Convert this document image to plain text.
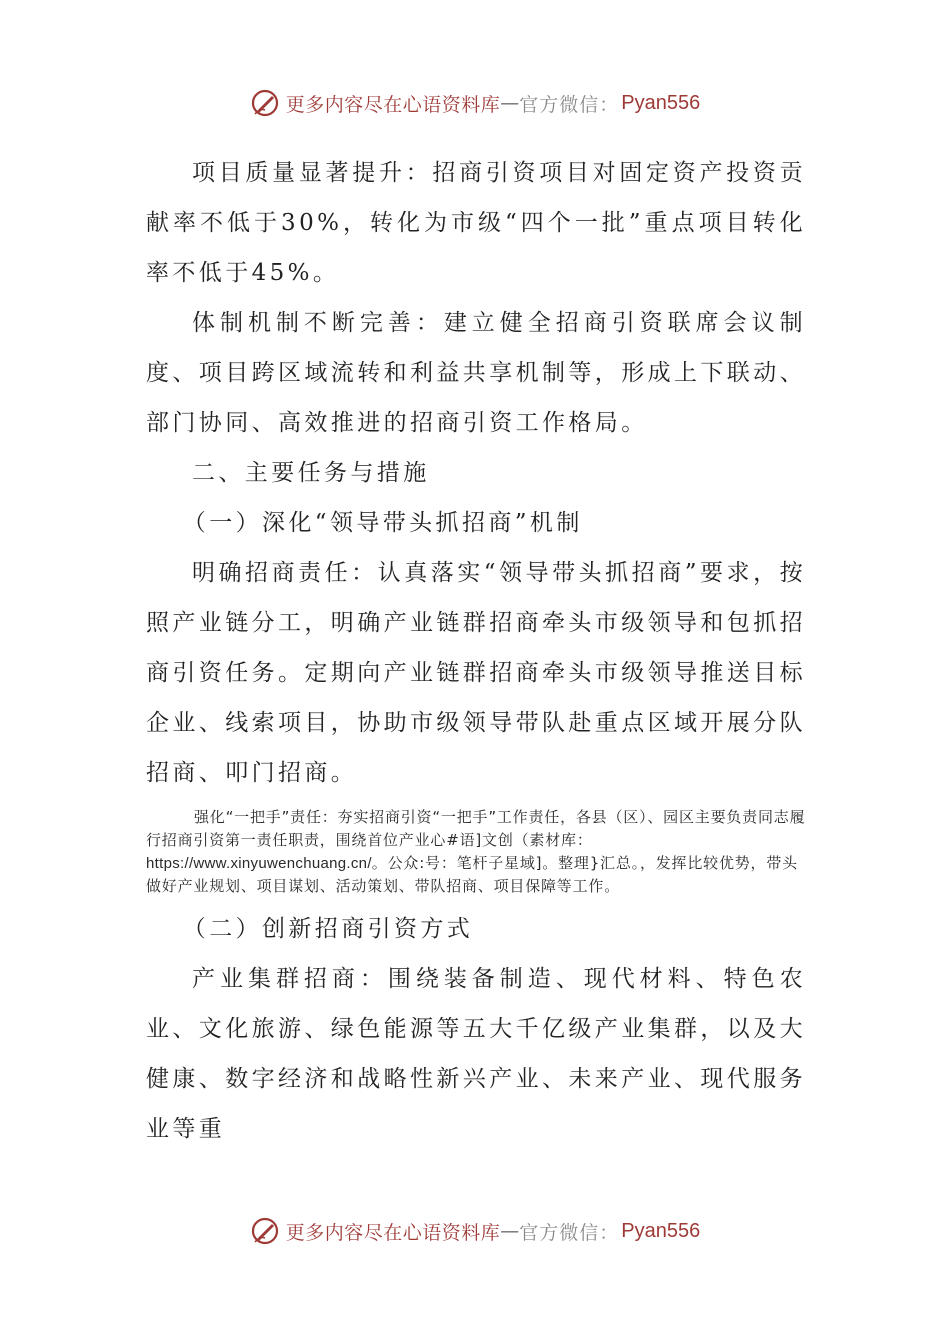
更多内容尽在心语资料库 — 官方微信： Pyan556

项目质量显著提升：招商引资项目对固定资产投资贡献率不低于30%，转化为市级“四个一批”重点项目转化率不低于45%。

体制机制不断完善：建立健全招商引资联席会议制度、项目跨区域流转和利益共享机制等，形成上下联动、部门协同、高效推进的招商引资工作格局。

二、主要任务与措施

（一）深化“领导带头抓招商”机制

明确招商责任：认真落实“领导带头抓招商”要求，按照产业链分工，明确产业链群招商牵头市级领导和包抓招商引资任务。定期向产业链群招商牵头市级领导推送目标企业、线索项目，协助市级领导带队赴重点区域开展分队招商、叩门招商。

强化“一把手”责任：夯实招商引资“一把手”工作责任，各县（区）、园区主要负责同志履行招商引资第一责任职责，围绕首位产业心#语]文创（素材库：https://www.xinyuwenchuang.cn/。公众:号：笔杆子星域]。整理}汇总。，发挥比较优势，带头做好产业规划、项目谋划、活动策划、带队招商、项目保障等工作。

（二）创新招商引资方式

产业集群招商：围绕装备制造、现代材料、特色农业、文化旅游、绿色能源等五大千亿级产业集群，以及大健康、数字经济和战略性新兴产业、未来产业、现代服务业等重

更多内容尽在心语资料库 — 官方微信： Pyan556
